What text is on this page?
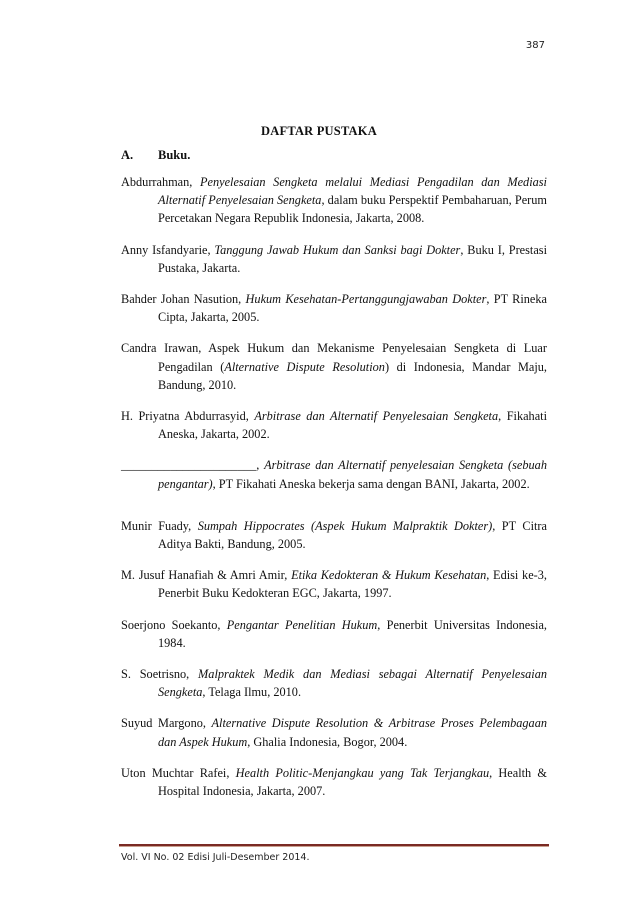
387
DAFTAR PUSTAKA
A. Buku.

Abdurrahman, Penyelesaian Sengketa melalui Mediasi Pengadilan dan Mediasi Alternatif Penyelesaian Sengketa, dalam buku Perspektif Pembaharuan, Perum Percetakan Negara Republik Indonesia, Jakarta, 2008.

Anny Isfandyarie, Tanggung Jawab Hukum dan Sanksi bagi Dokter, Buku I, Prestasi Pustaka, Jakarta.

Bahder Johan Nasution, Hukum Kesehatan-Pertanggungjawaban Dokter, PT Rineka Cipta, Jakarta, 2005.

Candra Irawan, Aspek Hukum dan Mekanisme Penyelesaian Sengketa di Luar Pengadilan (Alternative Dispute Resolution) di Indonesia, Mandar Maju, Bandung, 2010.

H. Priyatna Abdurrasyid, Arbitrase dan Alternatif Penyelesaian Sengketa, Fikahati Aneska, Jakarta, 2002.

______________________, Arbitrase dan Alternatif penyelesaian Sengketa (sebuah pengantar), PT Fikahati Aneska bekerja sama dengan BANI, Jakarta, 2002.

Munir Fuady, Sumpah Hippocrates (Aspek Hukum Malpraktik Dokter), PT Citra Aditya Bakti, Bandung, 2005.

M. Jusuf Hanafiah & Amri Amir, Etika Kedokteran & Hukum Kesehatan, Edisi ke-3, Penerbit Buku Kedokteran EGC, Jakarta, 1997.

Soerjono Soekanto, Pengantar Penelitian Hukum, Penerbit Universitas Indonesia, 1984.

S. Soetrisno, Malpraktek Medik dan Mediasi sebagai Alternatif Penyelesaian Sengketa, Telaga Ilmu, 2010.

Suyud Margono, Alternative Dispute Resolution & Arbitrase Proses Pelembagaan dan Aspek Hukum, Ghalia Indonesia, Bogor, 2004.

Uton Muchtar Rafei, Health Politic-Menjangkau yang Tak Terjangkau, Health & Hospital Indonesia, Jakarta, 2007.

Vol. VI No. 02 Edisi Juli-Desember 2014.
